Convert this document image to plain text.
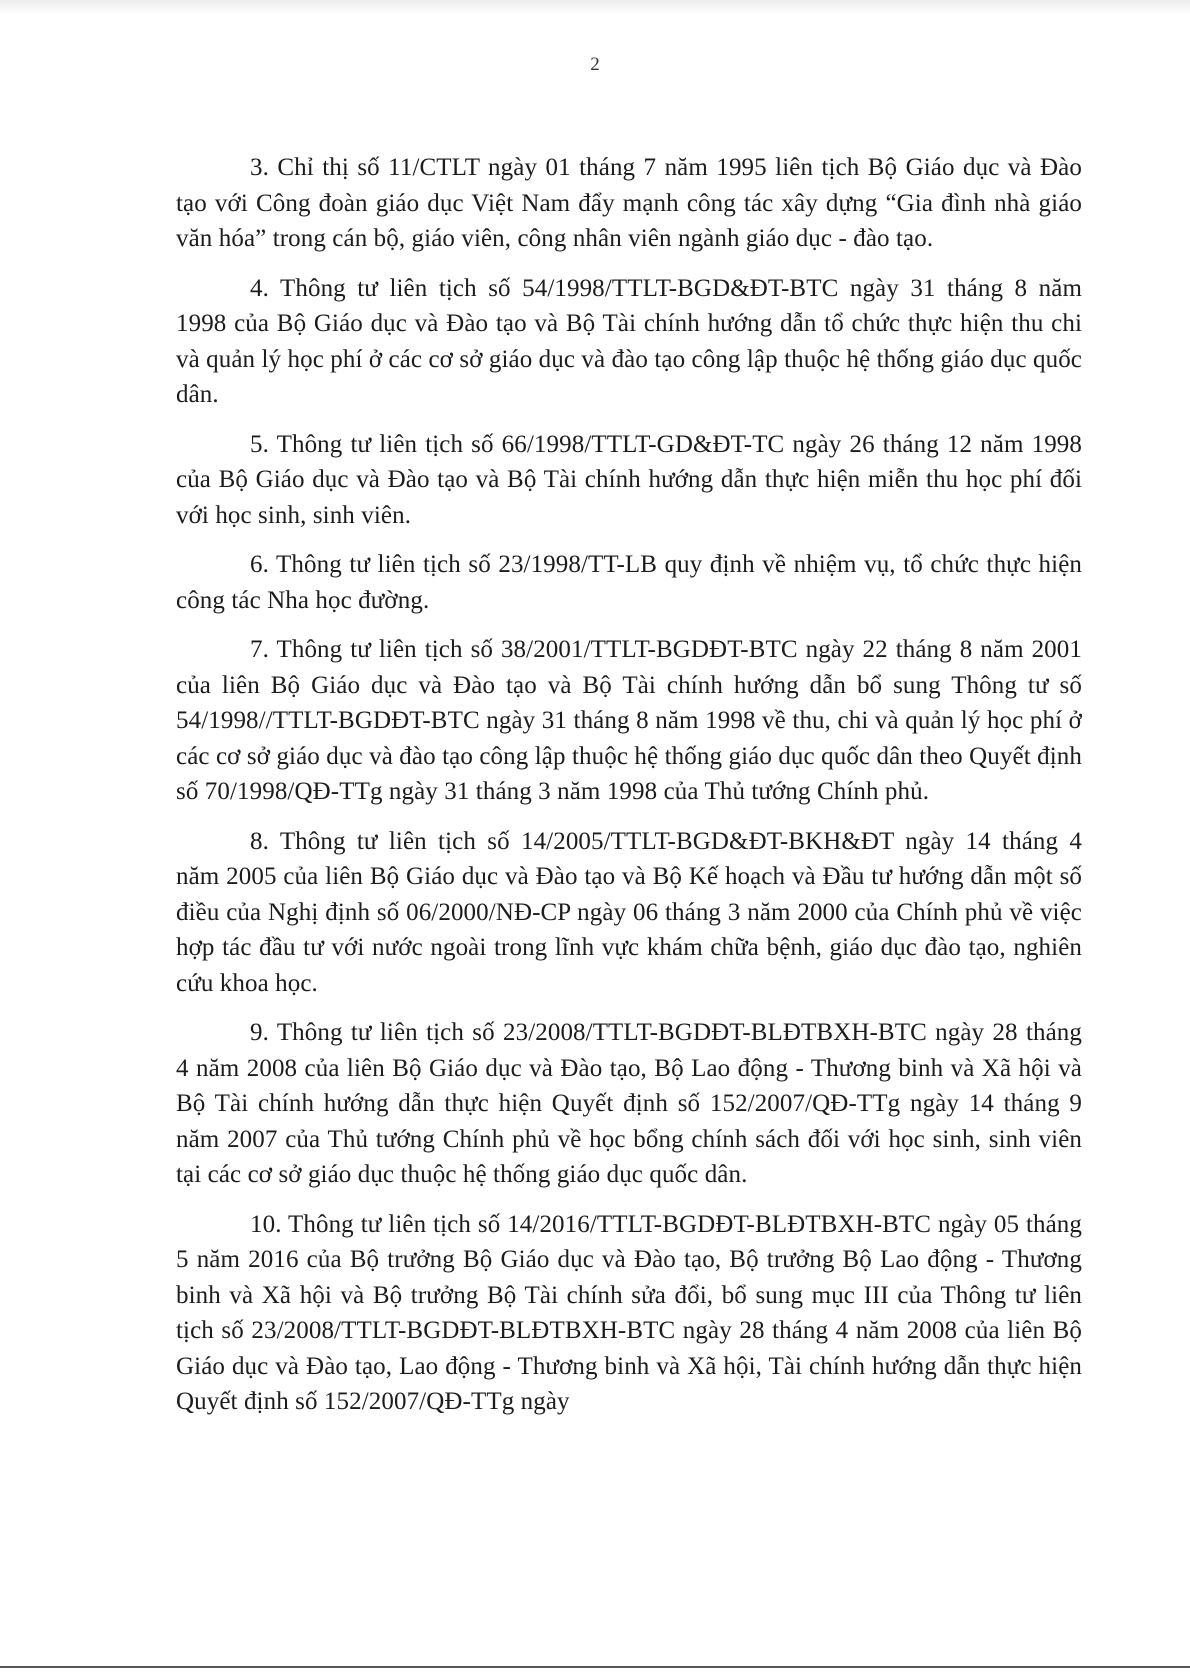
2

3. Chỉ thị số 11/CTLT ngày 01 tháng 7 năm 1995 liên tịch Bộ Giáo dục và Đào tạo với Công đoàn giáo dục Việt Nam đẩy mạnh công tác xây dựng “Gia đình nhà giáo văn hóa” trong cán bộ, giáo viên, công nhân viên ngành giáo dục - đào tạo.

4. Thông tư liên tịch số 54/1998/TTLT-BGD&ĐT-BTC ngày 31 tháng 8 năm 1998 của Bộ Giáo dục và Đào tạo và Bộ Tài chính hướng dẫn tổ chức thực hiện thu chi và quản lý học phí ở các cơ sở giáo dục và đào tạo công lập thuộc hệ thống giáo dục quốc dân.

5. Thông tư liên tịch số 66/1998/TTLT-GD&ĐT-TC ngày 26 tháng 12 năm 1998 của Bộ Giáo dục và Đào tạo và Bộ Tài chính hướng dẫn thực hiện miễn thu học phí đối với học sinh, sinh viên.

6. Thông tư liên tịch số 23/1998/TT-LB quy định về nhiệm vụ, tổ chức thực hiện công tác Nha học đường.

7. Thông tư liên tịch số 38/2001/TTLT-BGDĐT-BTC ngày 22 tháng 8 năm 2001 của liên Bộ Giáo dục và Đào tạo và Bộ Tài chính hướng dẫn bổ sung Thông tư số 54/1998//TTLT-BGDĐT-BTC ngày 31 tháng 8 năm 1998 về thu, chi và quản lý học phí ở các cơ sở giáo dục và đào tạo công lập thuộc hệ thống giáo dục quốc dân theo Quyết định số 70/1998/QĐ-TTg ngày 31 tháng 3 năm 1998 của Thủ tướng Chính phủ.

8. Thông tư liên tịch số 14/2005/TTLT-BGD&ĐT-BKH&ĐT ngày 14 tháng 4 năm 2005 của liên Bộ Giáo dục và Đào tạo và Bộ Kế hoạch và Đầu tư hướng dẫn một số điều của Nghị định số 06/2000/NĐ-CP ngày 06 tháng 3 năm 2000 của Chính phủ về việc hợp tác đầu tư với nước ngoài trong lĩnh vực khám chữa bệnh, giáo dục đào tạo, nghiên cứu khoa học.

9. Thông tư liên tịch số 23/2008/TTLT-BGDĐT-BLĐTBXH-BTC ngày 28 tháng 4 năm 2008 của liên Bộ Giáo dục và Đào tạo, Bộ Lao động - Thương binh và Xã hội và Bộ Tài chính hướng dẫn thực hiện Quyết định số 152/2007/QĐ-TTg ngày 14 tháng 9 năm 2007 của Thủ tướng Chính phủ về học bổng chính sách đối với học sinh, sinh viên tại các cơ sở giáo dục thuộc hệ thống giáo dục quốc dân.

10. Thông tư liên tịch số 14/2016/TTLT-BGDĐT-BLĐTBXH-BTC ngày 05 tháng 5 năm 2016 của Bộ trưởng Bộ Giáo dục và Đào tạo, Bộ trưởng Bộ Lao động - Thương binh và Xã hội và Bộ trưởng Bộ Tài chính sửa đổi, bổ sung mục III của Thông tư liên tịch số 23/2008/TTLT-BGDĐT-BLĐTBXH-BTC ngày 28 tháng 4 năm 2008 của liên Bộ Giáo dục và Đào tạo, Lao động - Thương binh và Xã hội, Tài chính hướng dẫn thực hiện Quyết định số 152/2007/QĐ-TTg ngày
